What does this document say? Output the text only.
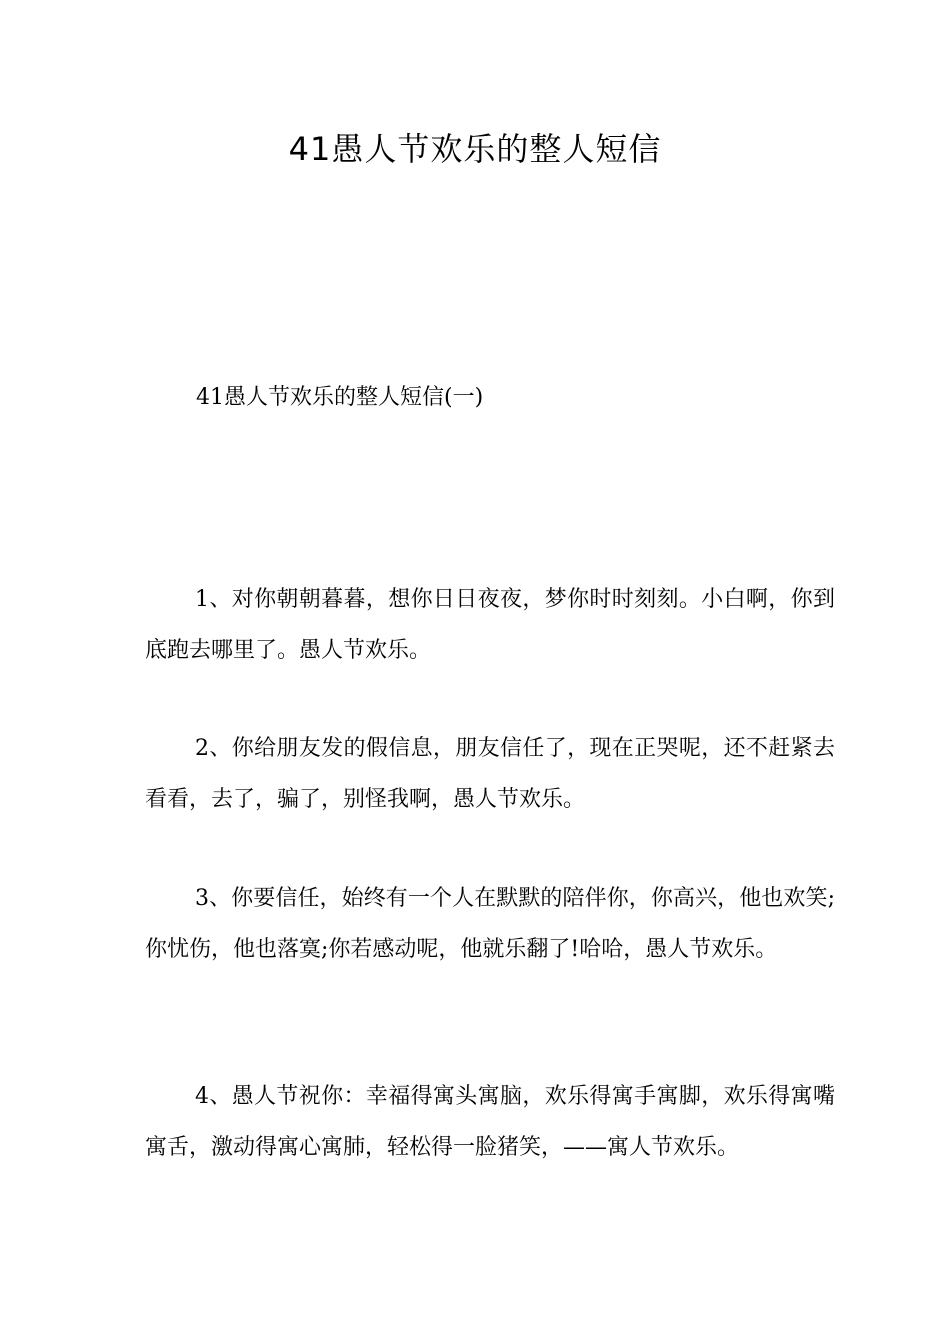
41愚人节欢乐的整人短信
41愚人节欢乐的整人短信(一)
1、对你朝朝暮暮，想你日日夜夜，梦你时时刻刻。小白啊，你到底跑去哪里了。愚人节欢乐。
2、你给朋友发的假信息，朋友信任了，现在正哭呢，还不赶紧去看看，去了，骗了，别怪我啊，愚人节欢乐。
3、你要信任，始终有一个人在默默的陪伴你，你高兴，他也欢笑;你忧伤，他也落寞;你若感动呢，他就乐翻了!哈哈，愚人节欢乐。
4、愚人节祝你：幸福得寓头寓脑，欢乐得寓手寓脚，欢乐得寓嘴寓舌，激动得寓心寓肺，轻松得一脸猪笑，——寓人节欢乐。
